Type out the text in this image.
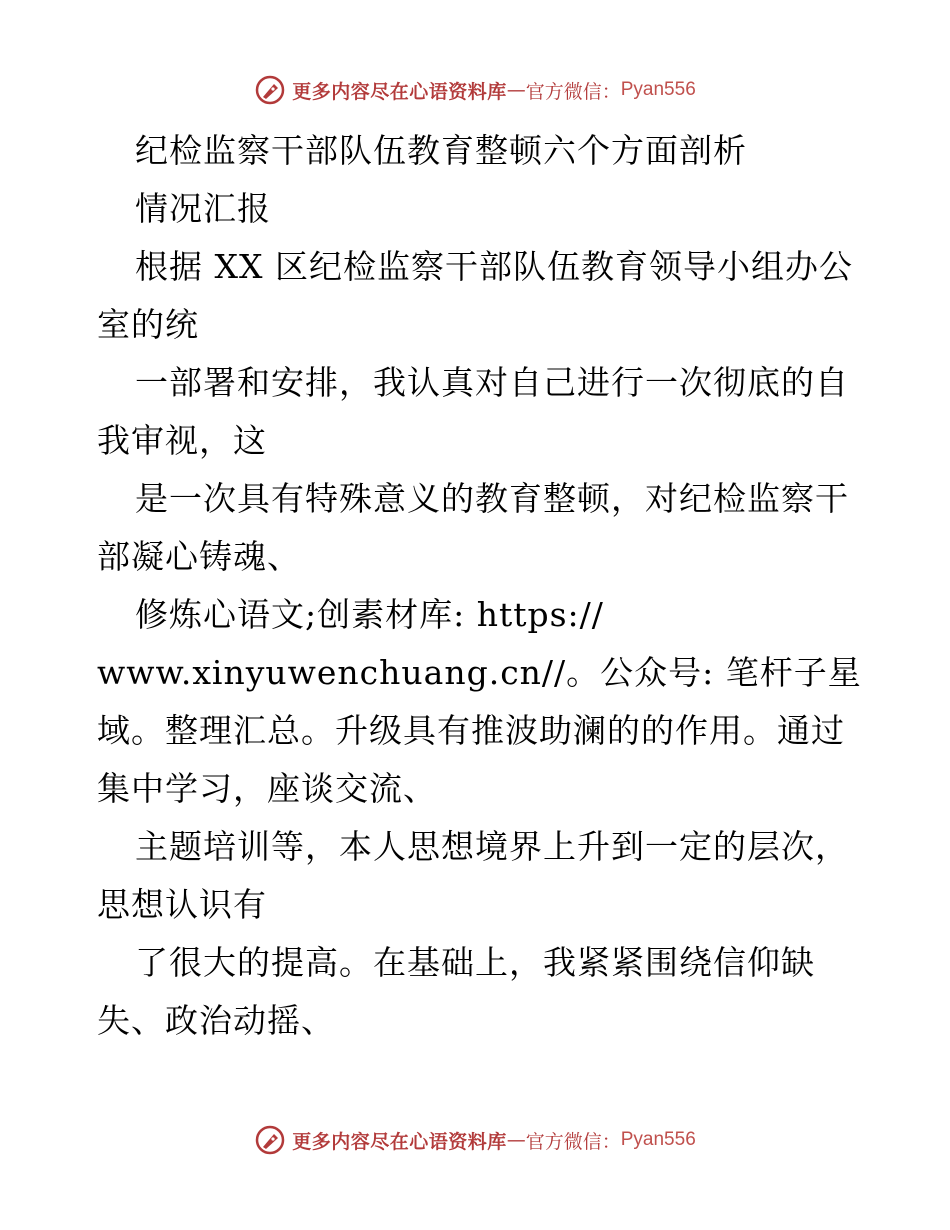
更多内容尽在心语资料库 — 官方微信： Pyan556
纪检监察干部队伍教育整顿六个方面剖析
情况汇报
根据 XX 区纪检监察干部队伍教育领导小组办公
室的统
一部署和安排，我认真对自己进行一次彻底的自
我审视，这
是一次具有特殊意义的教育整顿，对纪检监察干
部凝心铸魂、
修炼心语文;创素材库: https://
www.xinyuwenchuang.cn//。公众号: 笔杆子星
域。整理汇总。升级具有推波助澜的的作用。通过
集中学习，座谈交流、
主题培训等，本人思想境界上升到一定的层次，
思想认识有
了很大的提高。在基础上，我紧紧围绕信仰缺
失、政治动摇、
更多内容尽在心语资料库 — 官方微信： Pyan556
